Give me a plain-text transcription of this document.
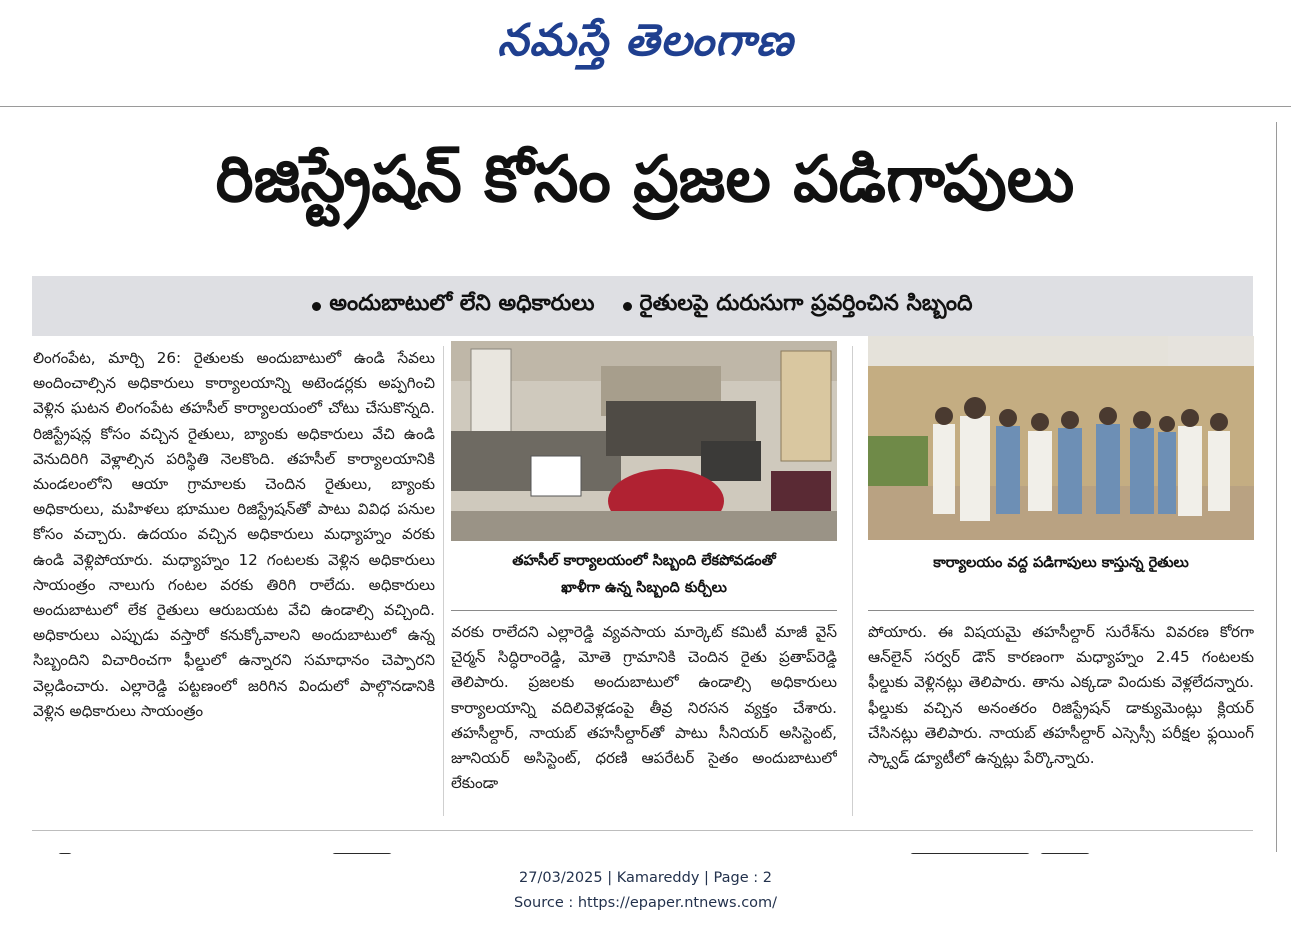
నమస్తే తెలంగాణ
రిజిస్ట్రేషన్ కోసం ప్రజల పడిగాపులు
అందుబాటులో లేని అధికారులు రైతులపై దురుసుగా ప్రవర్తించిన సిబ్బంది

లింగంపేట, మార్చి 26: రైతులకు అందుబాటులో ఉండి సేవలు అందించాల్సిన అధికారులు కార్యాలయాన్ని అటెండర్లకు అప్పగించి వెళ్లిన ఘటన లింగంపేట తహసీల్ కార్యాలయంలో చోటు చేసుకొన్నది. రిజిస్ట్రేషన్ల కోసం వచ్చిన రైతులు, బ్యాంకు అధికారులు వేచి ఉండి వెనుదిరిగి వెళ్లాల్సిన పరిస్థితి నెలకొంది. తహసీల్ కార్యాలయానికి మండలంలోని ఆయా గ్రామాలకు చెందిన రైతులు, బ్యాంకు అధికారులు, మహిళలు భూముల రిజిస్ట్రేషన్‌తో పాటు వివిధ పనుల కోసం వచ్చారు. ఉదయం వచ్చిన అధికారులు మధ్యాహ్నం వరకు ఉండి వెళ్లిపోయారు. మధ్యాహ్నం 12 గంటలకు వెళ్లిన అధికారులు సాయంత్రం నాలుగు గంటల వరకు తిరిగి రాలేదు. అధికారులు అందుబాటులో లేక రైతులు ఆరుబయట వేచి ఉండాల్సి వచ్చింది. అధికారులు ఎప్పుడు వస్తారో కనుక్కోవాలని అందుబాటులో ఉన్న సిబ్బందిని విచారించగా ఫీల్డులో ఉన్నారని సమాధానం చెప్పారని వెల్లడించారు. ఎల్లారెడ్డి పట్టణంలో జరిగిన విందులో పాల్గొనడానికి వెళ్లిన అధికారులు సాయంత్రం

తహసీల్ కార్యాలయంలో సిబ్బంది లేకపోవడంతో
ఖాళీగా ఉన్న సిబ్బంది కుర్చీలు
కార్యాలయం వద్ద పడిగాపులు కాస్తున్న రైతులు

వరకు రాలేదని ఎల్లారెడ్డి వ్యవసాయ మార్కెట్ కమిటీ మాజీ వైస్ చైర్మన్ సిద్ధిరాంరెడ్డి, మోతె గ్రామానికి చెందిన రైతు ప్రతాప్‌రెడ్డి తెలిపారు. ప్రజలకు అందుబాటులో ఉండాల్సి అధికారులు కార్యాలయాన్ని వదిలివెళ్లడంపై తీవ్ర నిరసన వ్యక్తం చేశారు. తహసీల్దార్, నాయబ్ తహసీల్దార్‌తో పాటు సీనియర్ అసిస్టెంట్, జూనియర్ అసిస్టెంట్, ధరణి ఆపరేటర్ సైతం అందుబాటులో లేకుండా

పోయారు. ఈ విషయమై తహసీల్దార్ సురేశ్‌ను వివరణ కోరగా ఆన్‌లైన్ సర్వర్ డౌన్ కారణంగా మధ్యాహ్నం 2.45 గంటలకు ఫీల్డుకు వెళ్లినట్లు తెలిపారు. తాను ఎక్కడా విందుకు వెళ్లలేదన్నారు. ఫీల్డుకు వచ్చిన అనంతరం రిజిస్ట్రేషన్ డాక్యుమెంట్లు క్లియర్ చేసినట్లు తెలిపారు. నాయబ్ తహసీల్దార్ ఎస్సెస్సీ పరీక్షల ఫ్లయింగ్ స్క్వాడ్ డ్యూటీలో ఉన్నట్లు పేర్కొన్నారు.

27/03/2025 | Kamareddy | Page : 2
Source : https://epaper.ntnews.com/
